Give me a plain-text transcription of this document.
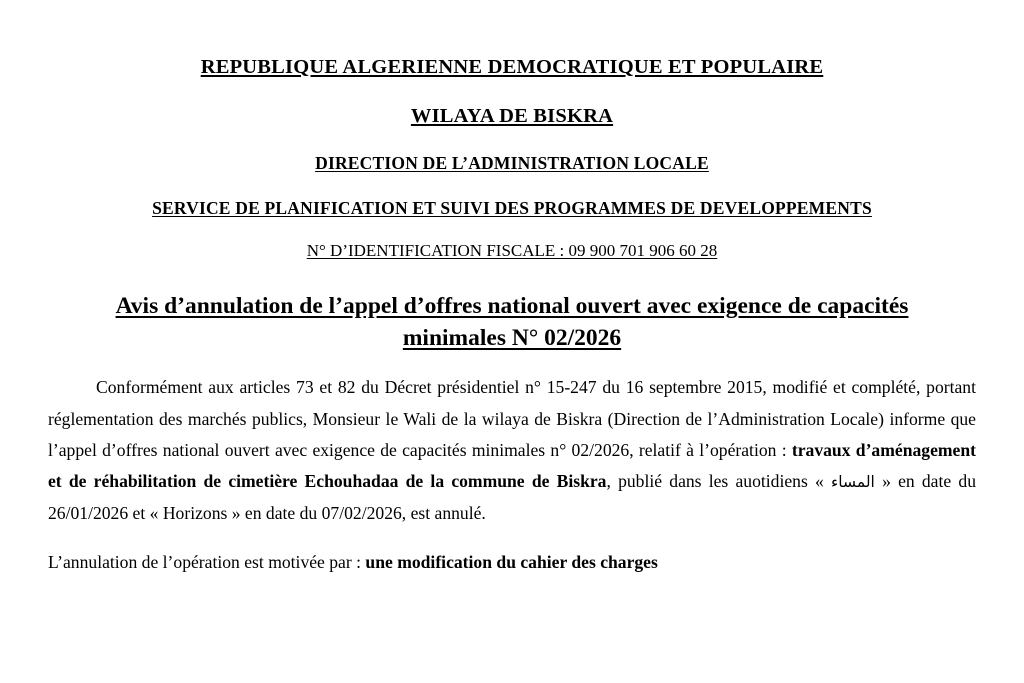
REPUBLIQUE ALGERIENNE DEMOCRATIQUE ET POPULAIRE
WILAYA DE BISKRA
DIRECTION DE L’ADMINISTRATION LOCALE
SERVICE DE PLANIFICATION ET SUIVI DES PROGRAMMES DE DEVELOPPEMENTS
N° D’IDENTIFICATION FISCALE : 09 900 701 906 60 28
Avis d’annulation de l’appel d’offres national ouvert avec exigence de capacités minimales N° 02/2026

Conformément aux articles 73 et 82 du Décret présidentiel n° 15-247 du 16 septembre 2015, modifié et complété, portant réglementation des marchés publics, Monsieur le Wali de la wilaya de Biskra (Direction de l’Administration Locale) informe que l’appel d’offres national ouvert avec exigence de capacités minimales n° 02/2026, relatif à l’opération : travaux d’aménagement et de réhabilitation de cimetière Echouhadaa de la commune de Biskra, publié dans les auotidiens « المساء » en date du 26/01/2026 et « Horizons » en date du 07/02/2026, est annulé.

L’annulation de l’opération est motivée par : une modification du cahier des charges
